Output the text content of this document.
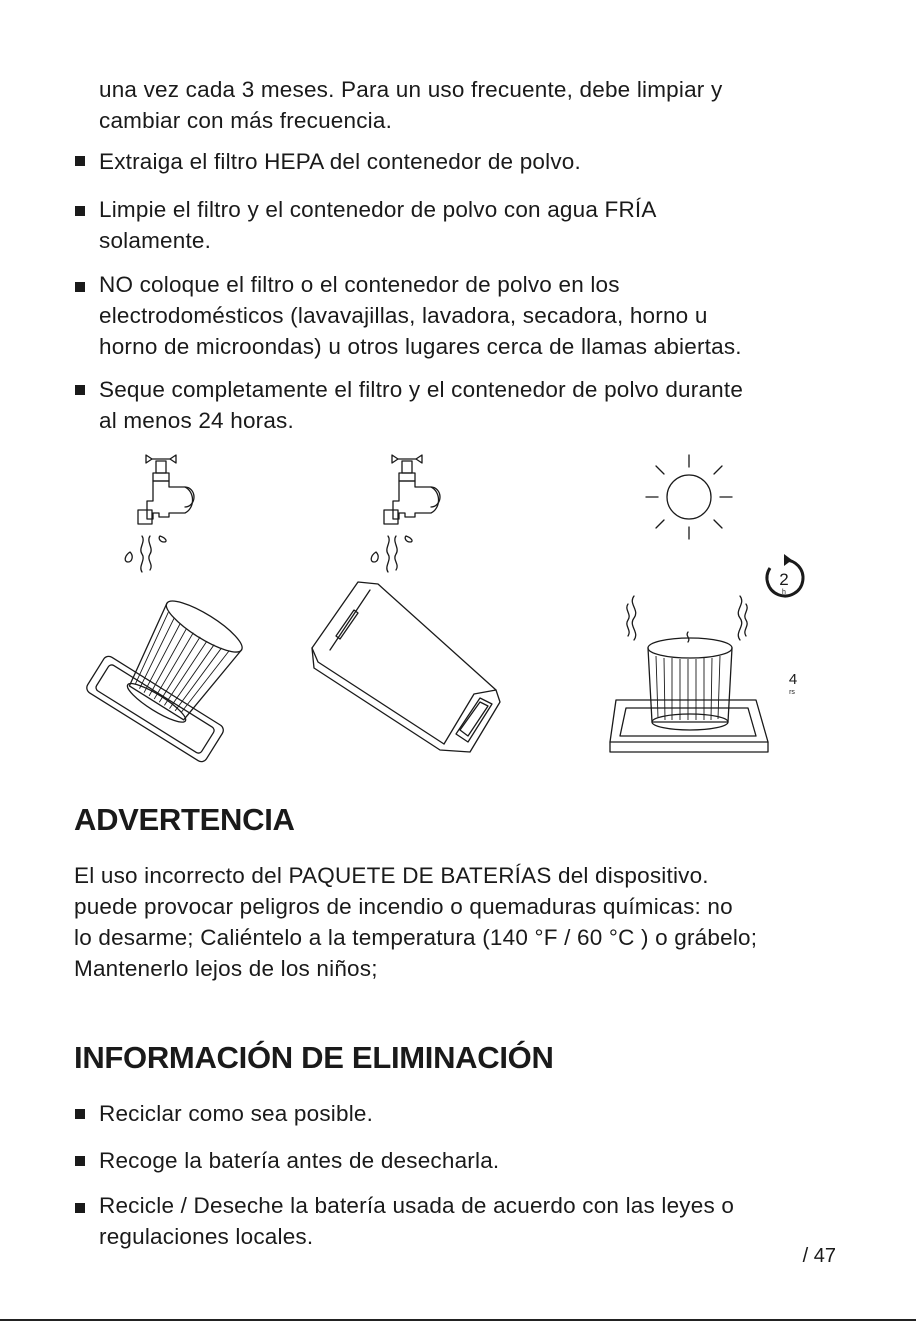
una vez cada 3 meses. Para un uso frecuente, debe limpiar y
cambiar con más frecuencia.
Extraiga el filtro HEPA del contenedor de polvo.
Limpie el filtro y el contenedor de polvo con agua FRÍA
solamente.
NO coloque el filtro o el contenedor de polvo en los
electrodomésticos (lavavajillas, lavadora, secadora, horno u
horno de microondas) u otros lugares cerca de llamas abiertas.
Seque completamente el filtro y el contenedor de polvo durante
al menos 24 horas.
2
h
4
rs
ADVERTENCIA
El uso incorrecto del PAQUETE DE BATERÍAS del dispositivo.
puede provocar peligros de incendio o quemaduras químicas: no
lo desarme; Caliéntelo a la temperatura (140 °F / 60 °C ) o grábelo;
Mantenerlo lejos de los niños;
INFORMACIÓN DE ELIMINACIÓN
Reciclar como sea posible.
Recoge la batería antes de desecharla.
Recicle / Deseche la batería usada de acuerdo con las leyes o
regulaciones locales.
/ 47
